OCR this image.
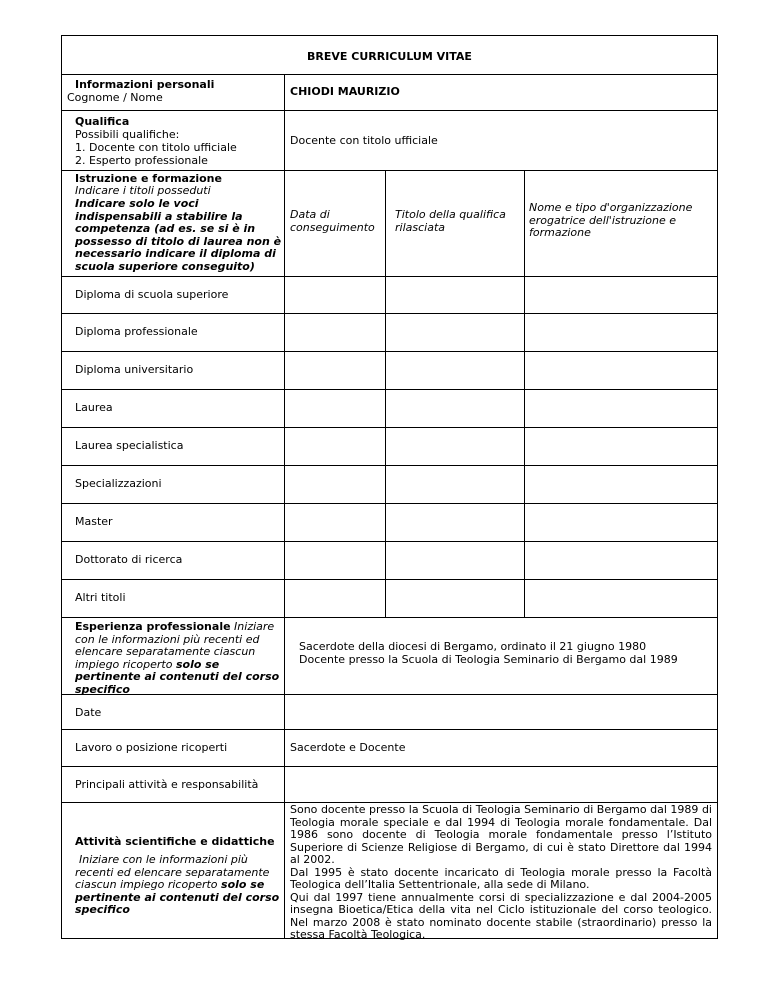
BREVE CURRICULUM VITAE
Informazioni personali
Cognome / Nome	CHIODI MAURIZIO
Qualifica
Possibili qualifiche:
1. Docente con titolo ufficiale
2. Esperto professionale
Docente con titolo ufficiale
Istruzione e formazione
Indicare i titoli posseduti
Indicare solo le voci indispensabili a stabilire la competenza (ad es. se si è in possesso di titolo di laurea non è necessario indicare il diploma di scuola superiore conseguito)
Data di conseguimento
Titolo della qualifica rilasciata
Nome e tipo d'organizzazione erogatrice dell'istruzione e formazione
Diploma di scuola superiore
Diploma professionale
Diploma universitario
Laurea
Laurea specialistica
Specializzazioni
Master
Dottorato di ricerca
Altri titoli
Esperienza professionale Iniziare con le informazioni più recenti ed elencare separatamente ciascun impiego ricoperto solo se pertinente ai contenuti del corso specifico
Sacerdote della diocesi di Bergamo, ordinato il 21 giugno 1980
Docente presso la Scuola di Teologia Seminario di Bergamo dal 1989
Date
Lavoro o posizione ricoperti	Sacerdote e Docente
Principali attività e responsabilità
Attività scientifiche e didattiche
Iniziare con le informazioni più recenti ed elencare separatamente ciascun impiego ricoperto solo se pertinente ai contenuti del corso specifico
Sono docente presso la Scuola di Teologia Seminario di Bergamo dal 1989 di Teologia morale speciale e dal 1994 di Teologia morale fondamentale. Dal 1986 sono docente di Teologia morale fondamentale presso l’Istituto Superiore di Scienze Religiose di Bergamo, di cui è stato Direttore dal 1994 al 2002.
Dal 1995 è stato docente incaricato di Teologia morale presso la Facoltà Teologica dell’Italia Settentrionale, alla sede di Milano.
Qui dal 1997 tiene annualmente corsi di specializzazione e dal 2004-2005 insegna Bioetica/Etica della vita nel Ciclo istituzionale del corso teologico. Nel marzo 2008 è stato nominato docente stabile (straordinario) presso la stessa Facoltà Teologica.
